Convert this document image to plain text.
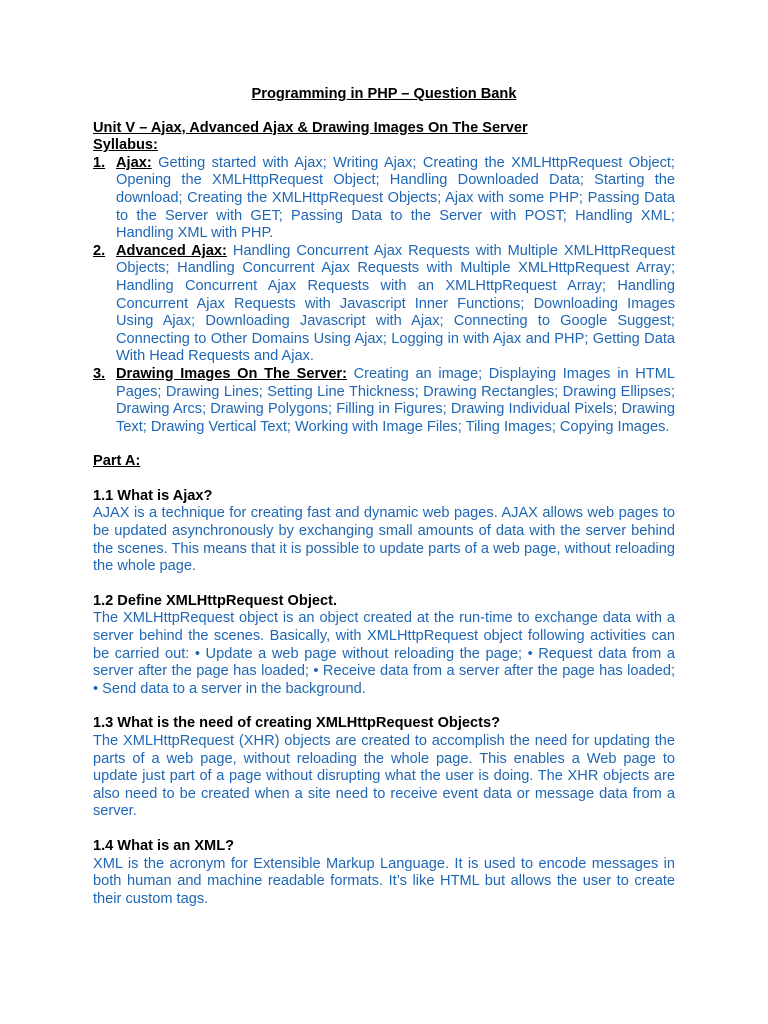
Programming in PHP – Question Bank
Unit V – Ajax, Advanced Ajax & Drawing Images On The Server
Syllabus:
1. Ajax: Getting started with Ajax; Writing Ajax; Creating the XMLHttpRequest Object; Opening the XMLHttpRequest Object; Handling Downloaded Data; Starting the download; Creating the XMLHttpRequest Objects; Ajax with some PHP; Passing Data to the Server with GET; Passing Data to the Server with POST; Handling XML; Handling XML with PHP.
2. Advanced Ajax: Handling Concurrent Ajax Requests with Multiple XMLHttpRequest Objects; Handling Concurrent Ajax Requests with Multiple XMLHttpRequest Array; Handling Concurrent Ajax Requests with an XMLHttpRequest Array; Handling Concurrent Ajax Requests with Javascript Inner Functions; Downloading Images Using Ajax; Downloading Javascript with Ajax; Connecting to Google Suggest; Connecting to Other Domains Using Ajax; Logging in with Ajax and PHP; Getting Data With Head Requests and Ajax.
3. Drawing Images On The Server: Creating an image; Displaying Images in HTML Pages; Drawing Lines; Setting Line Thickness; Drawing Rectangles; Drawing Ellipses; Drawing Arcs; Drawing Polygons; Filling in Figures; Drawing Individual Pixels; Drawing Text; Drawing Vertical Text; Working with Image Files; Tiling Images; Copying Images.
Part A:
1.1 What is Ajax?
AJAX is a technique for creating fast and dynamic web pages. AJAX allows web pages to be updated asynchronously by exchanging small amounts of data with the server behind the scenes. This means that it is possible to update parts of a web page, without reloading the whole page.
1.2 Define XMLHttpRequest Object.
The XMLHttpRequest object is an object created at the run-time to exchange data with a server behind the scenes. Basically, with XMLHttpRequest object following activities can be carried out: • Update a web page without reloading the page; • Request data from a server after the page has loaded; • Receive data from a server after the page has loaded; • Send data to a server in the background.
1.3 What is the need of creating XMLHttpRequest Objects?
The XMLHttpRequest (XHR) objects are created to accomplish the need for updating the parts of a web page, without reloading the whole page. This enables a Web page to update just part of a page without disrupting what the user is doing. The XHR objects are also need to be created when a site need to receive event data or message data from a server.
1.4 What is an XML?
XML is the acronym for Extensible Markup Language. It is used to encode messages in both human and machine readable formats. It’s like HTML but allows the user to create their custom tags.
